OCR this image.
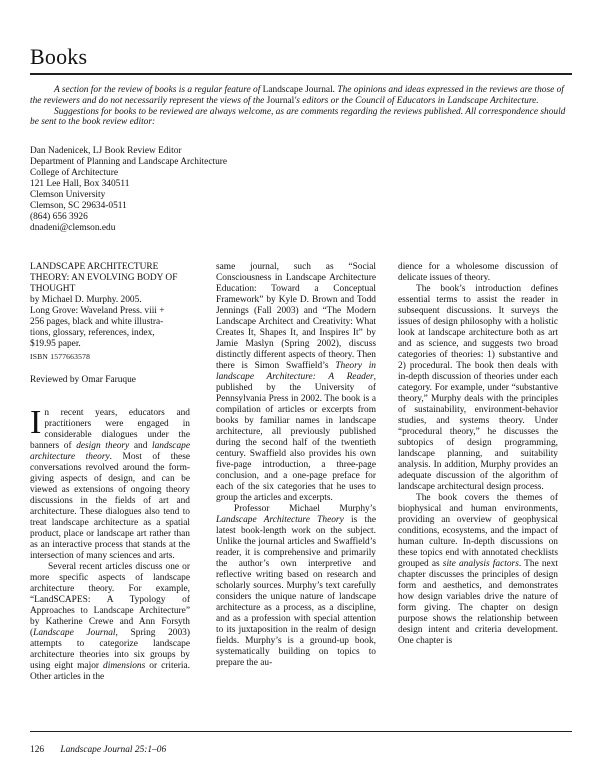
Books

A section for the review of books is a regular feature of Landscape Journal. The opinions and ideas expressed in the reviews are those of the reviewers and do not necessarily represent the views of the Journal's editors or the Council of Educators in Landscape Architecture.

Suggestions for books to be reviewed are always welcome, as are comments regarding the reviews published. All correspondence should be sent to the book review editor:

Dan Nadenicek, LJ Book Review Editor
Department of Planning and Landscape Architecture
College of Architecture
121 Lee Hall, Box 340511
Clemson University
Clemson, SC 29634-0511
(864) 656 3926
dnadeni@clemson.edu
LANDSCAPE ARCHITECTURE
THEORY: AN EVOLVING BODY OF
THOUGHT
by Michael D. Murphy. 2005.
Long Grove: Waveland Press. viii +
256 pages, black and white illustra-
tions, glossary, references, index,
$19.95 paper.
ISBN 1577663578
Reviewed by Omar Faruque

In recent years, educators and practitioners were engaged in considerable dialogues under the banners of design theory and landscape architecture theory. Most of these conversations revolved around the form-giving aspects of design, and can be viewed as extensions of ongoing theory discussions in the fields of art and architecture. These dialogues also tend to treat landscape architecture as a spatial product, place or landscape art rather than as an interactive process that stands at the intersection of many sciences and arts.

Several recent articles discuss one or more specific aspects of landscape architecture theory. For example, “LandSCAPES: A Typology of Approaches to Landscape Architecture” by Katherine Crewe and Ann Forsyth (Landscape Journal, Spring 2003) attempts to categorize landscape architecture theories into six groups by using eight major dimensions or criteria. Other articles in the

same journal, such as “Social Consciousness in Landscape Architecture Education: Toward a Conceptual Framework” by Kyle D. Brown and Todd Jennings (Fall 2003) and “The Modern Landscape Architect and Creativity: What Creates It, Shapes It, and Inspires It” by Jamie Maslyn (Spring 2002), discuss distinctly different aspects of theory. Then there is Simon Swaffield’s Theory in landscape Architecture: A Reader, published by the University of Pennsylvania Press in 2002. The book is a compilation of articles or excerpts from books by familiar names in landscape architecture, all previously published during the second half of the twentieth century. Swaffield also provides his own five-page introduction, a three-page conclusion, and a one-page preface for each of the six categories that he uses to group the articles and excerpts.

Professor Michael Murphy’s Landscape Architecture Theory is the latest book-length work on the subject. Unlike the journal articles and Swaffield’s reader, it is comprehensive and primarily the author’s own interpretive and reflective writing based on research and scholarly sources. Murphy’s text carefully considers the unique nature of landscape architecture as a process, as a discipline, and as a profession with special attention to its juxtaposition in the realm of design fields. Murphy’s is a ground-up book, systematically building on topics to prepare the au-

dience for a wholesome discussion of delicate issues of theory.

The book’s introduction defines essential terms to assist the reader in subsequent discussions. It surveys the issues of design philosophy with a holistic look at landscape architecture both as art and as science, and suggests two broad categories of theories: 1) substantive and 2) procedural. The book then deals with in-depth discussion of theories under each category. For example, under “substantive theory,” Murphy deals with the principles of sustainability, environment-behavior studies, and systems theory. Under “procedural theory,” he discusses the subtopics of design programming, landscape planning, and suitability analysis. In addition, Murphy provides an adequate discussion of the algorithm of landscape architectural design process.

The book covers the themes of biophysical and human environments, providing an overview of geophysical conditions, ecosystems, and the impact of human culture. In-depth discussions on these topics end with annotated checklists grouped as site analysis factors. The next chapter discusses the principles of design form and aesthetics, and demonstrates how design variables drive the nature of form giving. The chapter on design purpose shows the relationship between design intent and criteria development. One chapter is

126 Landscape Journal 25:1–06
